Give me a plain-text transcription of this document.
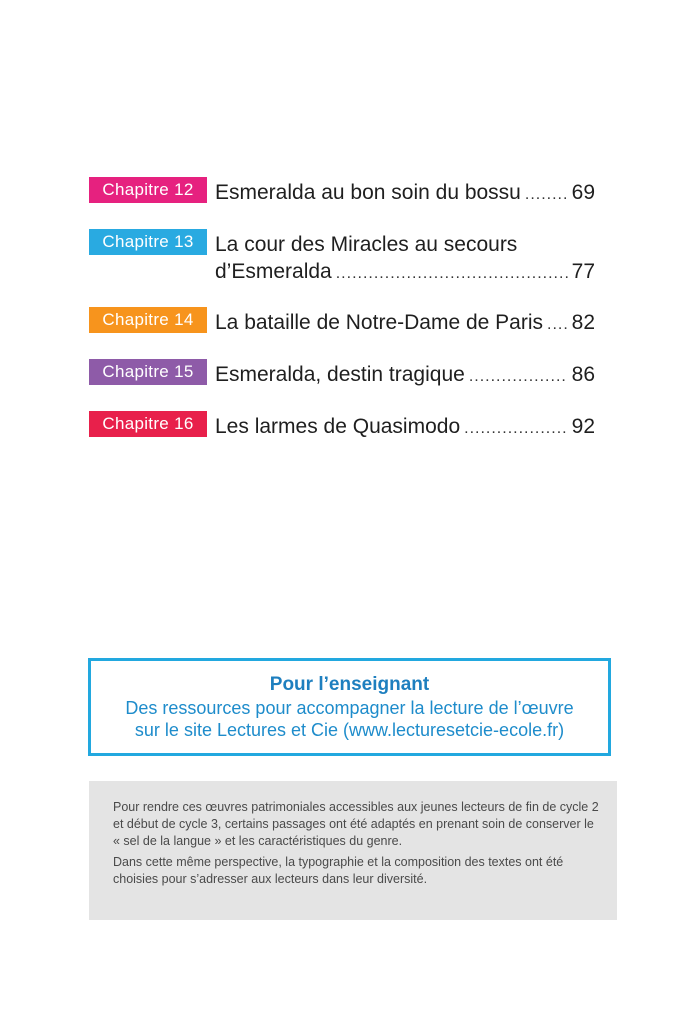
Chapitre 12	Esmeralda au bon soin du bossu ..... 69
Chapitre 13	La cour des Miracles au secours
d’Esmeralda .....	77
Chapitre 14	La bataille de Notre-Dame de Paris ..... 82
Chapitre 15	Esmeralda, destin tragique .....	86
Chapitre 16	Les larmes de Quasimodo .....	92
Pour l’enseignant
Des ressources pour accompagner la lecture de l’œuvre
sur le site Lectures et Cie (www.lecturesetcie-ecole.fr)

Pour rendre ces œuvres patrimoniales accessibles aux jeunes lecteurs de fin de cycle 2 et début de cycle 3, certains passages ont été adaptés en prenant soin de conserver le « sel de la langue » et les caractéristiques du genre.

Dans cette même perspective, la typographie et la composition des textes ont été choisies pour s’adresser aux lecteurs dans leur diversité.
